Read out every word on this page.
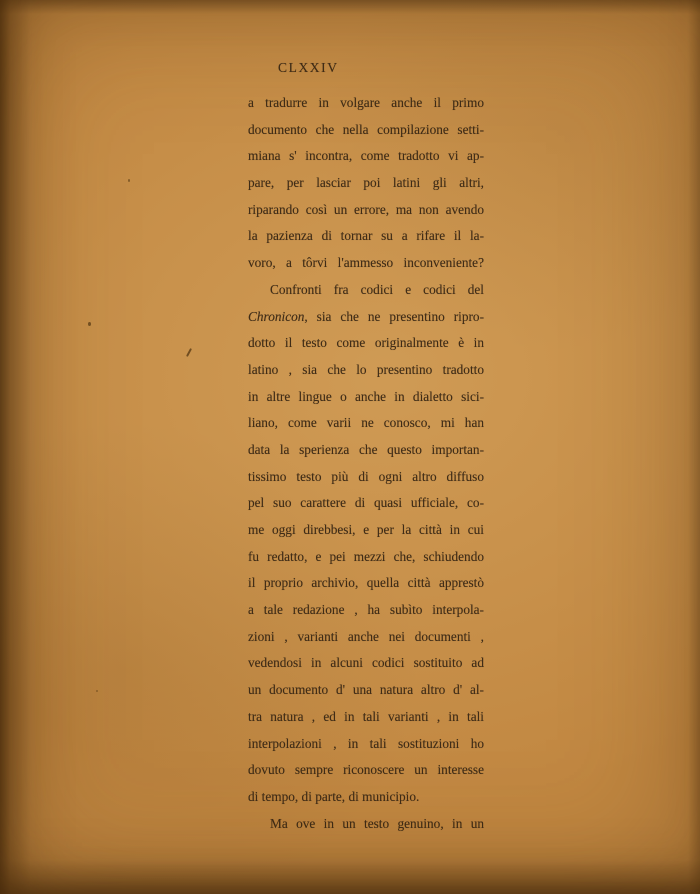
CLXXIV
a tradurre in volgare anche il primo
documento che nella compilazione setti-
miana s' incontra, come tradotto vi ap-
pare, per lasciar poi latini gli altri,
riparando così un errore, ma non avendo
la pazienza di tornar su a rifare il la-
voro, a tôrvi l'ammesso inconveniente?
Confronti fra codici e codici del
Chronicon, sia che ne presentino ripro-
dotto il testo come originalmente è in
latino , sia che lo presentino tradotto
in altre lingue o anche in dialetto sici-
liano, come varii ne conosco, mi han
data la sperienza che questo importan-
tissimo testo più di ogni altro diffuso
pel suo carattere di quasi ufficiale, co-
me oggi direbbesi, e per la città in cui
fu redatto, e pei mezzi che, schiudendo
il proprio archivio, quella città apprestò
a tale redazione , ha subìto interpola-
zioni , varianti anche nei documenti ,
vedendosi in alcuni codici sostituito ad
un documento d' una natura altro d' al-
tra natura , ed in tali varianti , in tali
interpolazioni , in tali sostituzioni ho
dovuto sempre riconoscere un interesse
di tempo, di parte, di municipio.
Ma ove in un testo genuino, in un
